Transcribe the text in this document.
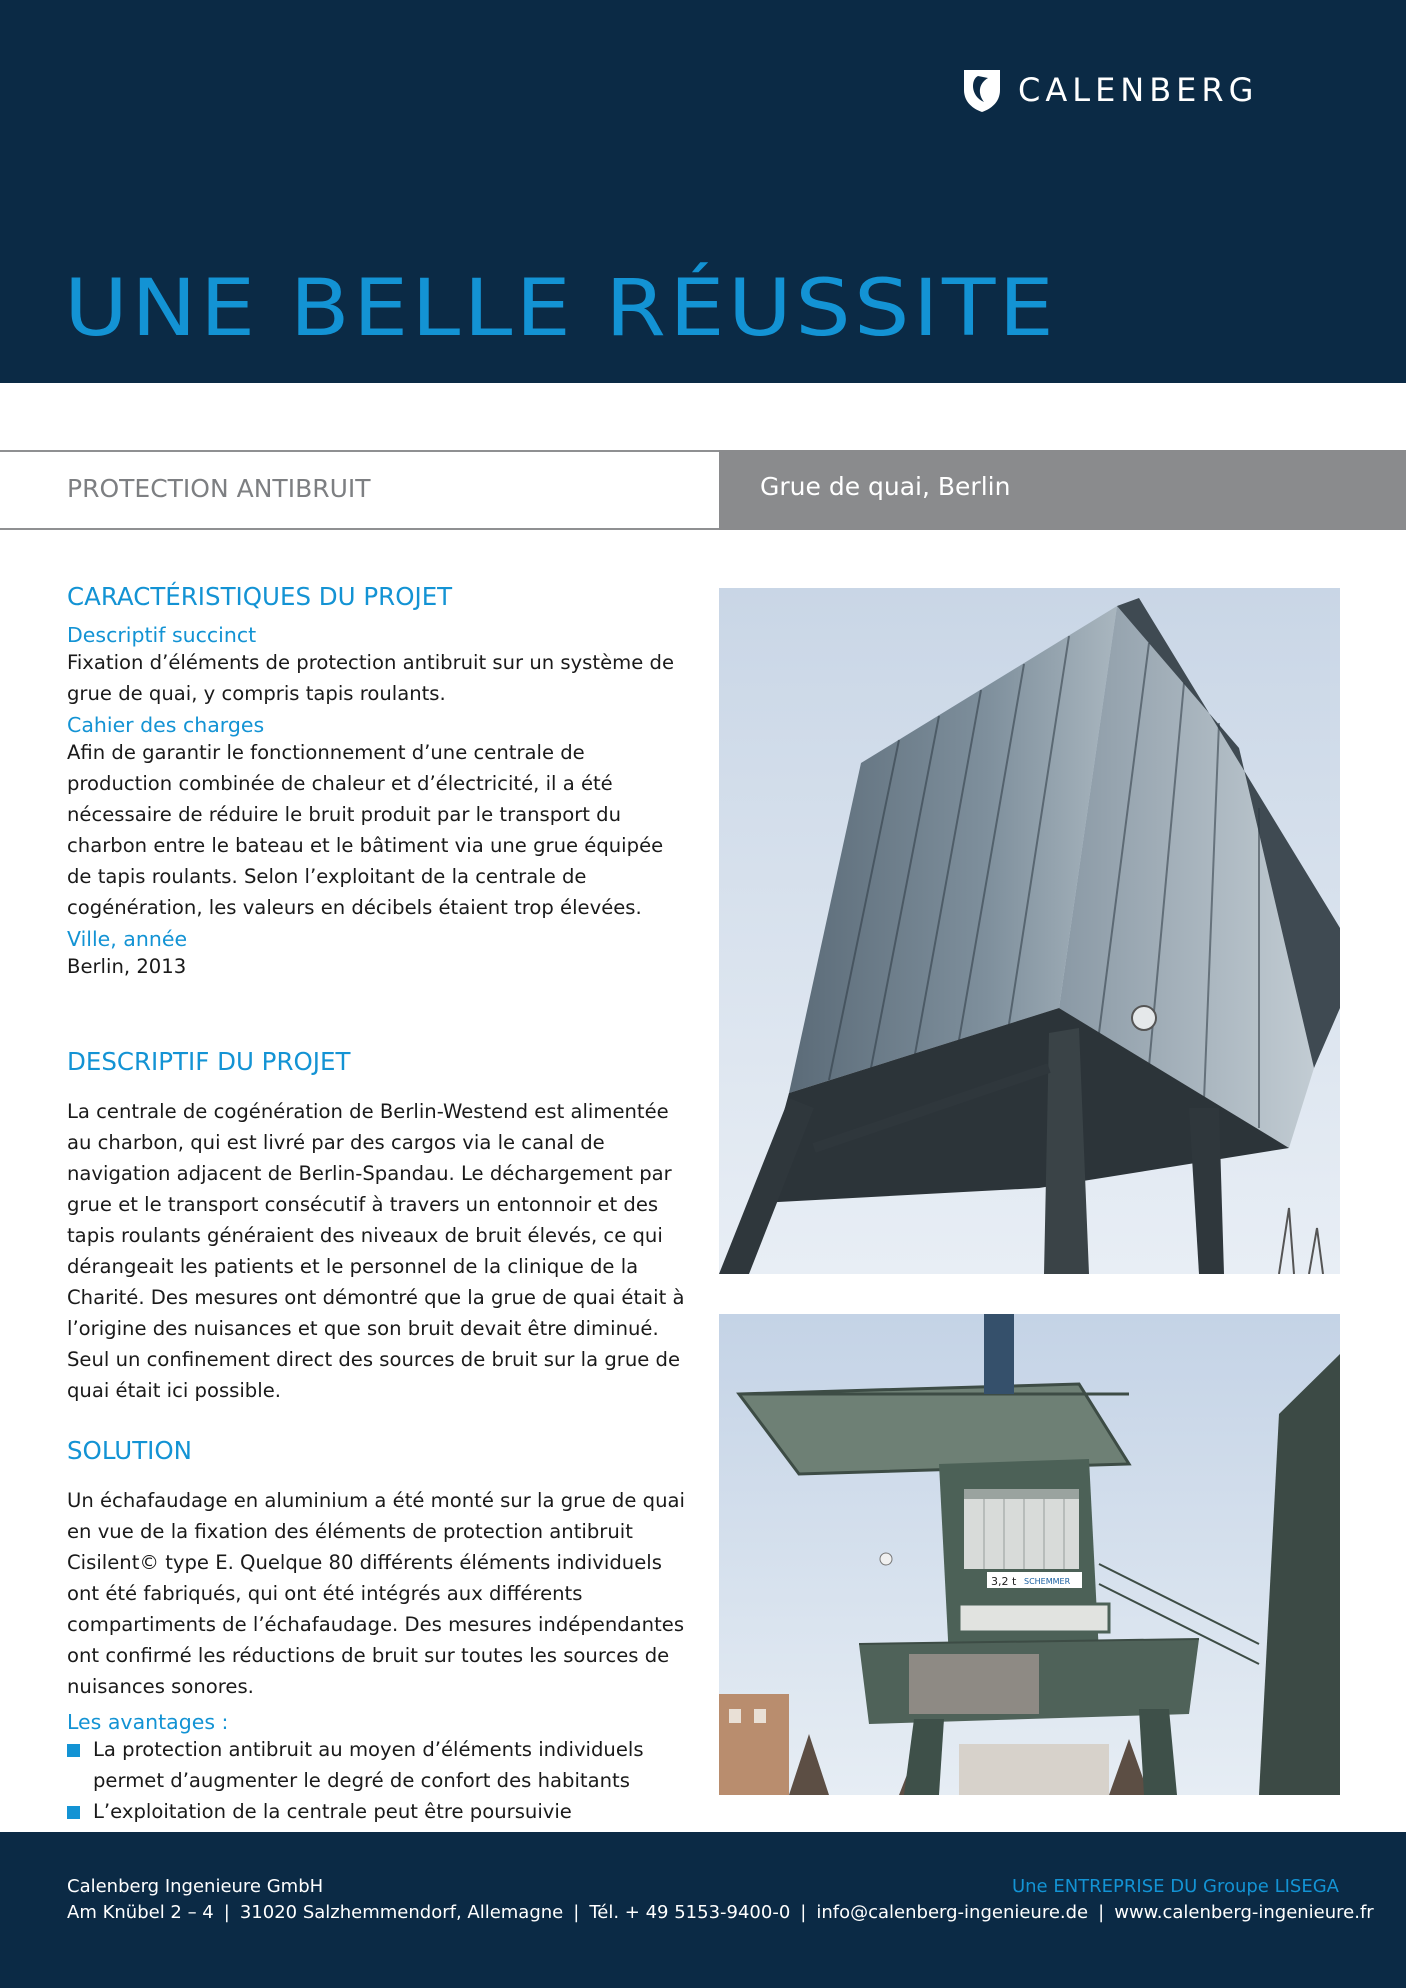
CALENBERG
UNE BELLE RÉUSSITE
PROTECTION ANTIBRUIT	Grue de quai, Berlin
CARACTÉRISTIQUES DU PROJET
Descriptif succinct

Fixation d’éléments de protection antibruit sur un système de grue de quai, y compris tapis roulants.

Cahier des charges

Afin de garantir le fonctionnement d’une centrale de production combinée de chaleur et d’électricité, il a été nécessaire de réduire le bruit produit par le transport du charbon entre le bateau et le bâtiment via une grue équipée de tapis roulants. Selon l’exploitant de la centrale de cogénération, les valeurs en décibels étaient trop élevées.

Ville, année

Berlin, 2013

DESCRIPTIF DU PROJET

La centrale de cogénération de Berlin-Westend est alimentée au charbon, qui est livré par des cargos via le canal de navigation adjacent de Berlin-Spandau. Le déchargement par grue et le transport consécutif à travers un entonnoir et des tapis roulants généraient des niveaux de bruit élevés, ce qui dérangeait les patients et le personnel de la clinique de la Charité. Des mesures ont démontré que la grue de quai était à l’origine des nuisances et que son bruit devait être diminué. Seul un confinement direct des sources de bruit sur la grue de quai était ici possible.

SOLUTION

Un échafaudage en aluminium a été monté sur la grue de quai en vue de la fixation des éléments de protection antibruit Cisilent© type E. Quelque 80 différents éléments individuels ont été fabriqués, qui ont été intégrés aux différents compartiments de l’échafaudage. Des mesures indépendantes ont confirmé les réductions de bruit sur toutes les sources de nuisances sonores.

Les avantages :
La protection antibruit au moyen d’éléments individuels permet d’augmenter le degré de confort des habitants
L’exploitation de la centrale peut être poursuivie
3,2 t SCHEMMER
Calenberg Ingenieure GmbH
Am Knübel 2 – 4 | 31020 Salzhemmendorf, Allemagne | Tél. + 49 5153-9400-0 | info@calenberg-ingenieure.de | www.calenberg-ingenieure.fr
Une ENTREPRISE DU Groupe LISEGA
